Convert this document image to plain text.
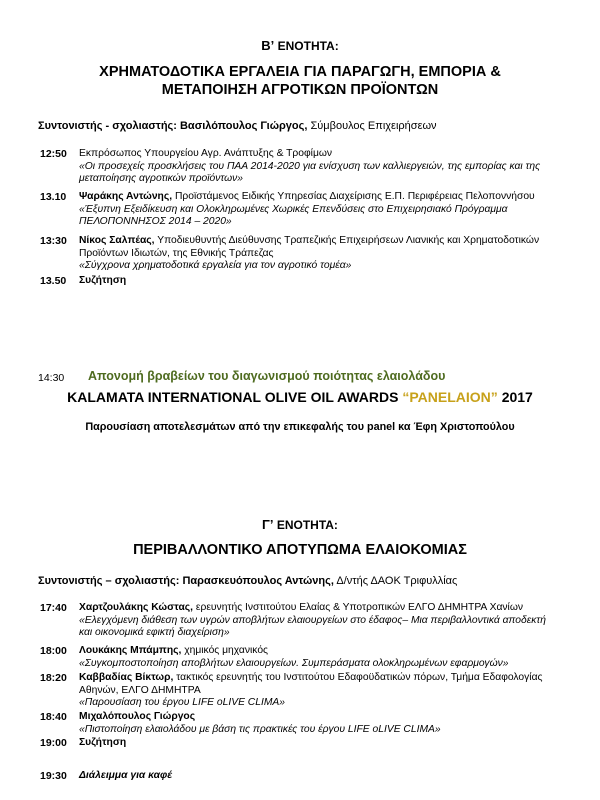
Β’ ΕΝΟΤΗΤΑ:
ΧΡΗΜΑΤΟΔΟΤΙΚΑ ΕΡΓΑΛΕΙΑ ΓΙΑ ΠΑΡΑΓΩΓΗ, ΕΜΠΟΡΙΑ &
ΜΕΤΑΠΟΙΗΣΗ ΑΓΡΟΤΙΚΩΝ ΠΡΟΪΟΝΤΩΝ
Συντονιστής - σχολιαστής: Βασιλόπουλος Γιώργος, Σύμβουλος Επιχειρήσεων
12:50	Εκπρόσωπος Υπουργείου Αγρ. Ανάπτυξης & Τροφίμων
«Οι προσεχείς προσκλήσεις του ΠΑΑ 2014-2020 για ενίσχυση των καλλιεργειών, της εμπορίας και της
μεταποίησης αγροτικών προϊόντων»
13.10	Ψαράκης Αντώνης, Προϊστάμενος Ειδικής Υπηρεσίας Διαχείρισης Ε.Π. Περιφέρειας Πελοποννήσου
«Έξυπνη Εξειδίκευση και Ολοκληρωμένες Χωρικές Επενδύσεις στο Επιχειρησιακό Πρόγραμμα
ΠΕΛΟΠΟΝΝΗΣΟΣ 2014 – 2020»
13:30	Νίκος Σαλπέας, Υποδιευθυντής Διεύθυνσης Τραπεζικής Επιχειρήσεων Λιανικής και Χρηματοδοτικών
Προϊόντων Ιδιωτών, της Εθνικής Τράπεζας
«Σύγχρονα χρηματοδοτικά εργαλεία για τον αγροτικό τομέα»
13.50	Συζήτηση
14:30 Απονομή βραβείων του διαγωνισμού ποιότητας ελαιολάδου
KALAMATA INTERNATIONAL OLIVE OIL AWARDS “PANELAION” 2017
Παρουσίαση αποτελεσμάτων από την επικεφαλής του panel κα Έφη Χριστοπούλου
Γ’ ΕΝΟΤΗΤΑ:
ΠΕΡΙΒΑΛΛΟΝΤΙΚΟ ΑΠΟΤΥΠΩΜΑ ΕΛΑΙΟΚΟΜΙΑΣ
Συντονιστής – σχολιαστής: Παρασκευόπουλος Αντώνης, Δ/ντής ΔΑΟΚ Τριφυλλίας
17:40	Χαρτζουλάκης Κώστας, ερευνητής Ινστιτούτου Ελαίας & Υποτροπικών ΕΛΓΟ ΔΗΜΗΤΡΑ Χανίων
«Ελεγχόμενη διάθεση των υγρών αποβλήτων ελαιουργείων στο έδαφος– Μια περιβαλλοντικά αποδεκτή
και οικονομικά εφικτή διαχείριση»
18:00	Λουκάκης Μπάμπης, χημικός μηχανικός
«Συγκομποστοποίηση αποβλήτων ελαιουργείων. Συμπεράσματα ολοκληρωμένων εφαρμογών»
18:20	Καββαδίας Βίκτωρ, τακτικός ερευνητής του Ινστιτούτου Εδαφοϋδατικών πόρων, Τμήμα Εδαφολογίας
Αθηνών, ΕΛΓΟ ΔΗΜΗΤΡΑ
«Παρουσίαση του έργου LIFE oLIVE CLIMA»
18:40	Μιχαλόπουλος Γιώργος
«Πιστοποίηση ελαιολάδου με βάση τις πρακτικές του έργου LIFE oLIVE CLIMA»
19:00	Συζήτηση
19:30	Διάλειμμα για καφέ
